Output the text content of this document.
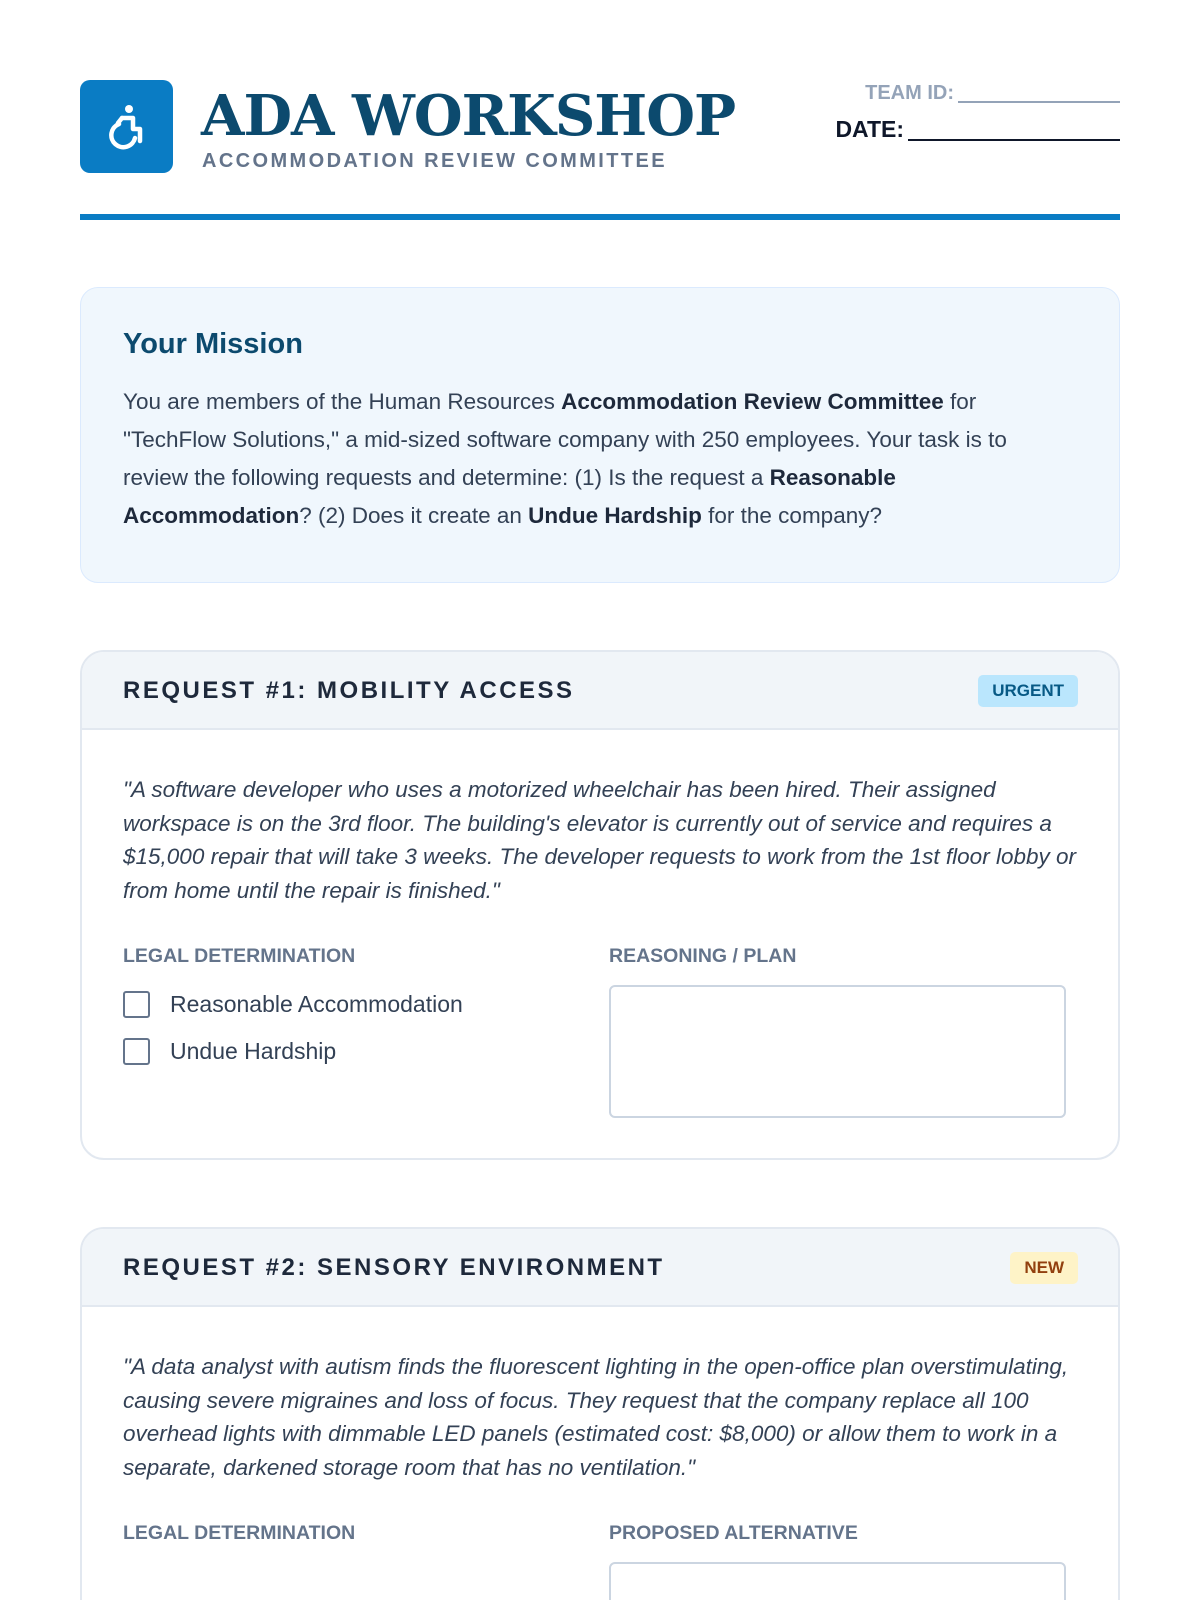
ADA WORKSHOP
ACCOMMODATION REVIEW COMMITTEE
TEAM ID:
DATE:
Your Mission

You are members of the Human Resources Accommodation Review Committee for "TechFlow Solutions," a mid-sized software company with 250 employees. Your task is to review the following requests and determine: (1) Is the request a Reasonable Accommodation? (2) Does it create an Undue Hardship for the company?

REQUEST #1: MOBILITY ACCESS	URGENT
"A software developer who uses a motorized wheelchair has been hired. Their assigned workspace is on the 3rd floor. The building's elevator is currently out of service and requires a $15,000 repair that will take 3 weeks. The developer requests to work from the 1st floor lobby or from home until the repair is finished."
LEGAL DETERMINATION	REASONING / PLAN
Reasonable Accommodation
Undue Hardship
REQUEST #2: SENSORY ENVIRONMENT	NEW
"A data analyst with autism finds the fluorescent lighting in the open-office plan overstimulating, causing severe migraines and loss of focus. They request that the company replace all 100 overhead lights with dimmable LED panels (estimated cost: $8,000) or allow them to work in a separate, darkened storage room that has no ventilation."
LEGAL DETERMINATION	PROPOSED ALTERNATIVE
